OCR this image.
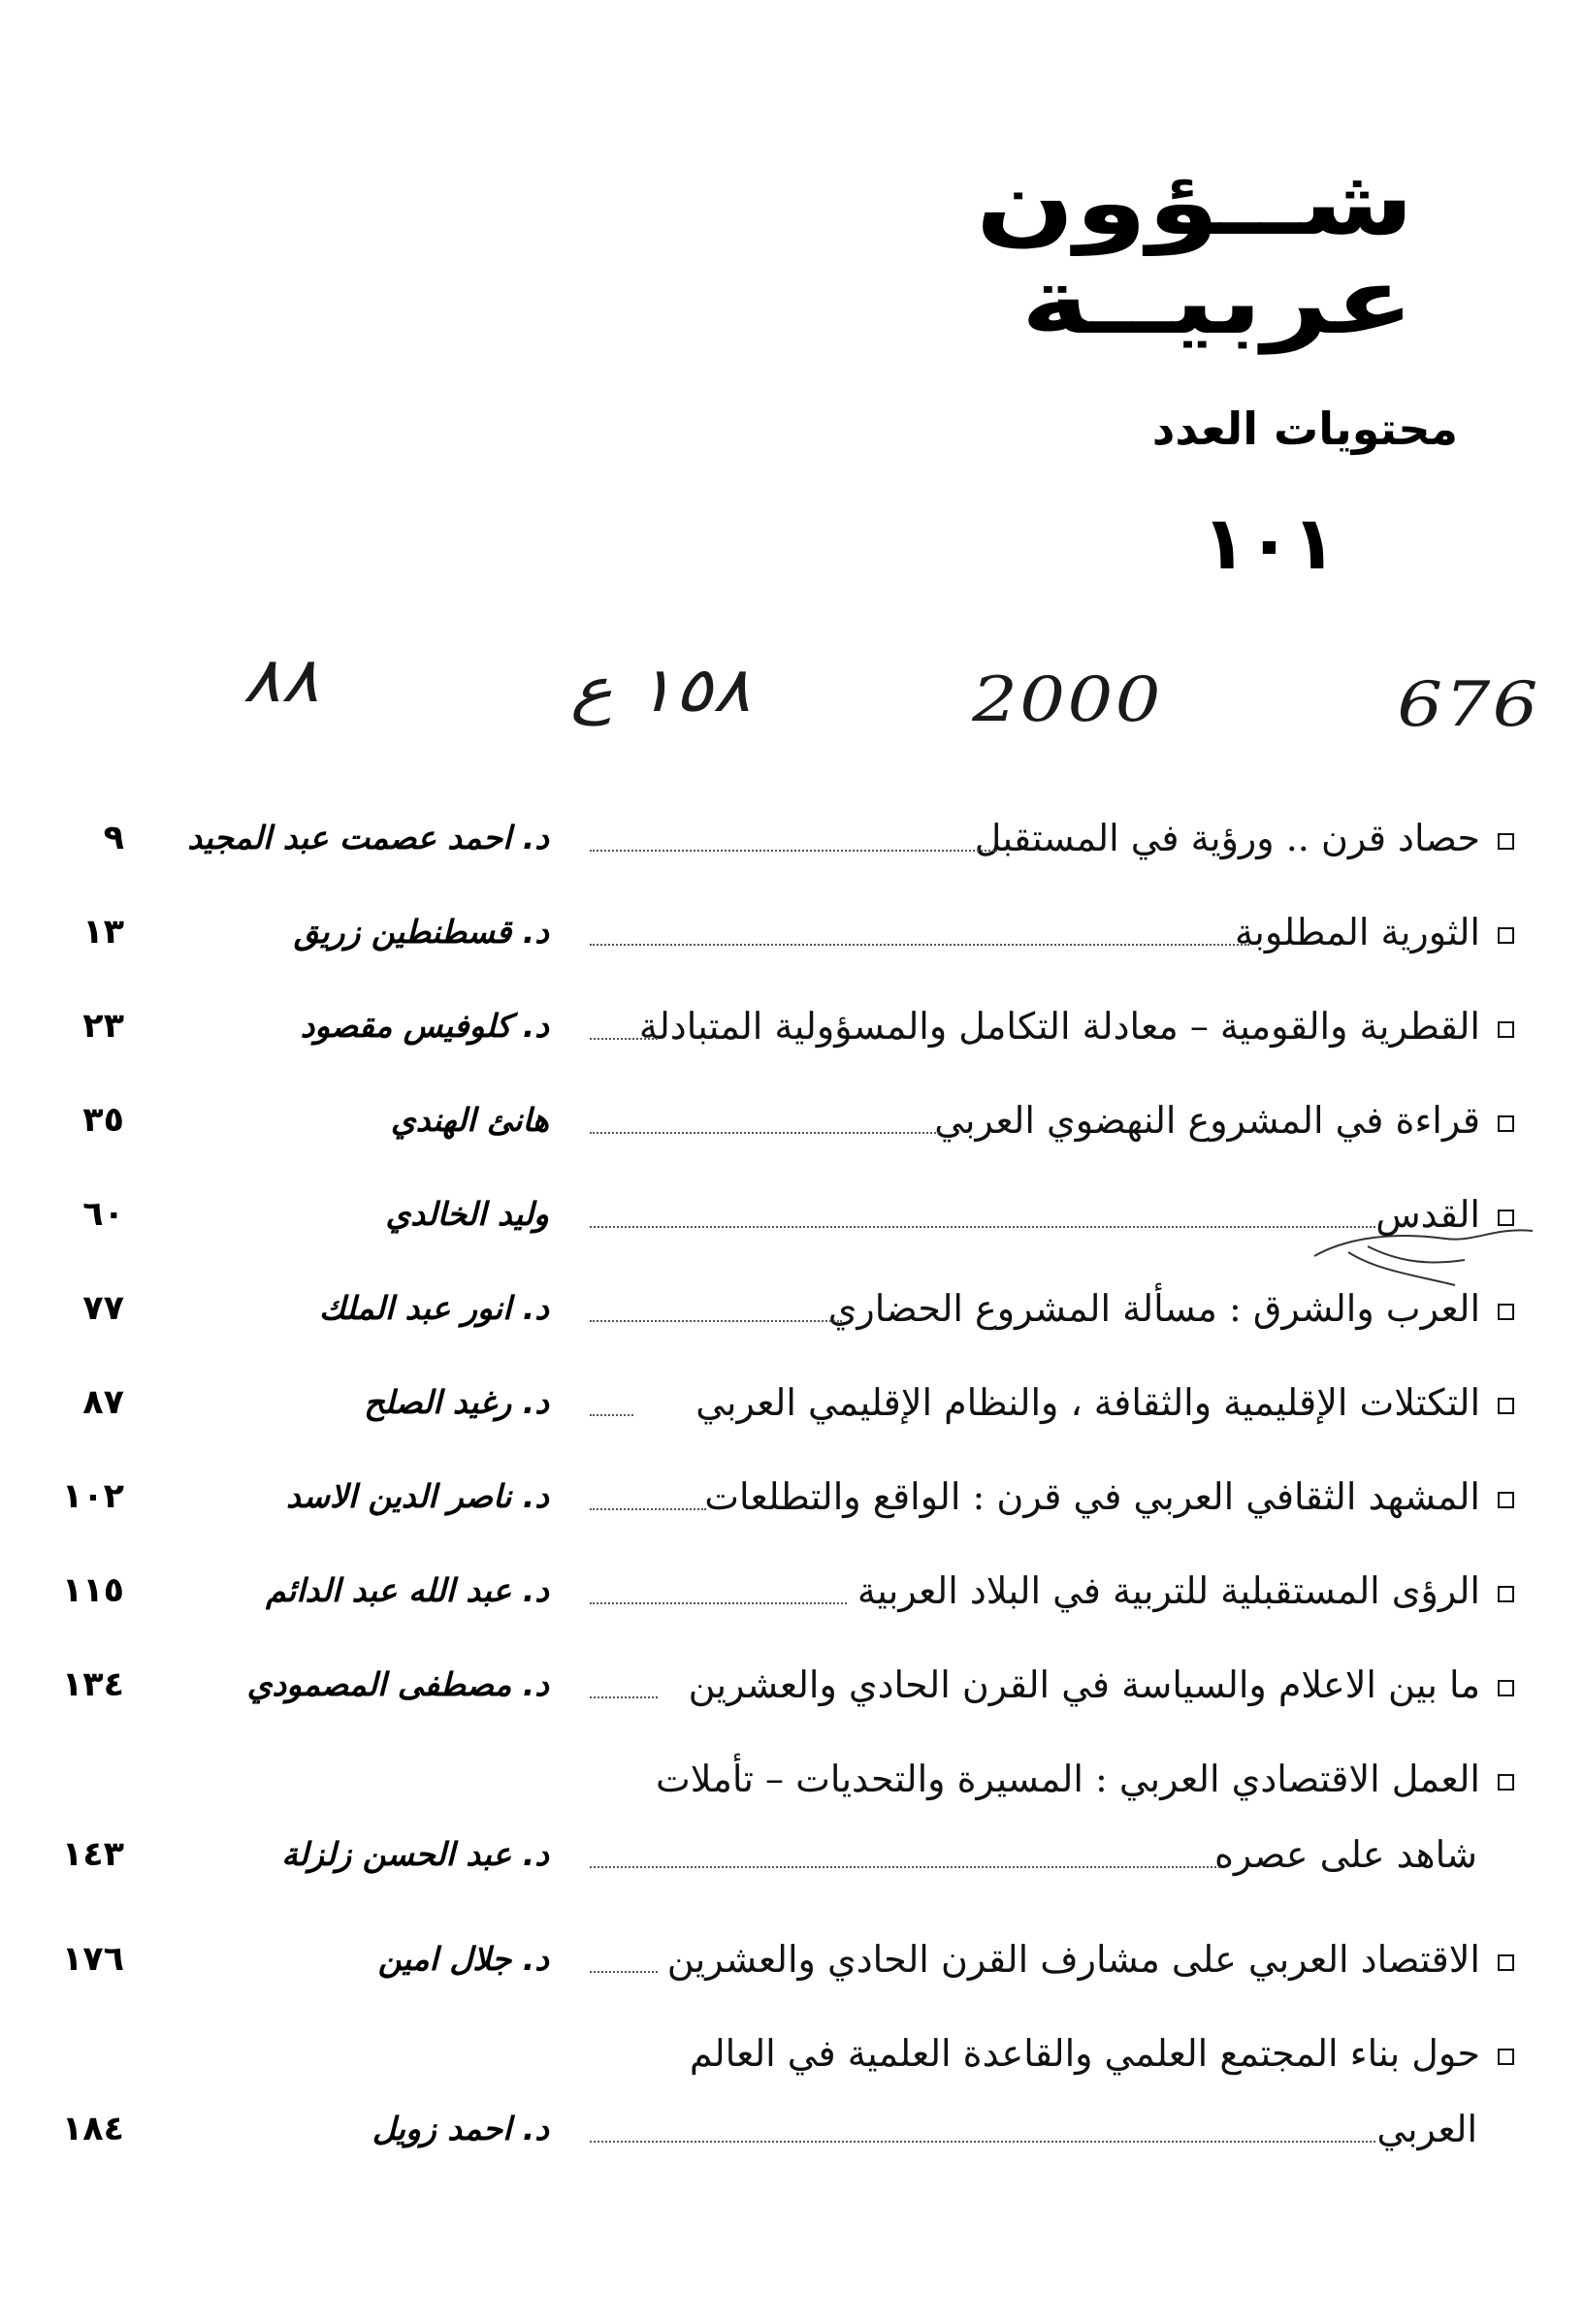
شــؤون
عربيــة
محتويات العدد
١٠١
676
2000
١٥٨ ع
٨٨
حصاد قرن .. ورؤية في المستقبل
د. احمد عصمت عبد المجيد
٩
الثورية المطلوبة
د. قسطنطين زريق
١٣
القطرية والقومية – معادلة التكامل والمسؤولية المتبادلة
د. كلوفيس مقصود
٢٣
قراءة في المشروع النهضوي العربي
هانئ الهندي
٣٥
القدس
وليد الخالدي
٦٠
العرب والشرق : مسألة المشروع الحضاري
د. انور عبد الملك
٧٧
التكتلات الإقليمية والثقافة ، والنظام الإقليمي العربي
د. رغيد الصلح
٨٧
المشهد الثقافي العربي في قرن : الواقع والتطلعات
د. ناصر الدين الاسد
١٠٢
الرؤى المستقبلية للتربية في البلاد العربية
د. عبد الله عبد الدائم
١١٥
ما بين الاعلام والسياسة في القرن الحادي والعشرين
د. مصطفى المصمودي
١٣٤
العمل الاقتصادي العربي : المسيرة والتحديات – تأملات
شاهد على عصره
د. عبد الحسن زلزلة
١٤٣
الاقتصاد العربي على مشارف القرن الحادي والعشرين
د. جلال امين
١٧٦
حول بناء المجتمع العلمي والقاعدة العلمية في العالم
العربي
د. احمد زويل
١٨٤
